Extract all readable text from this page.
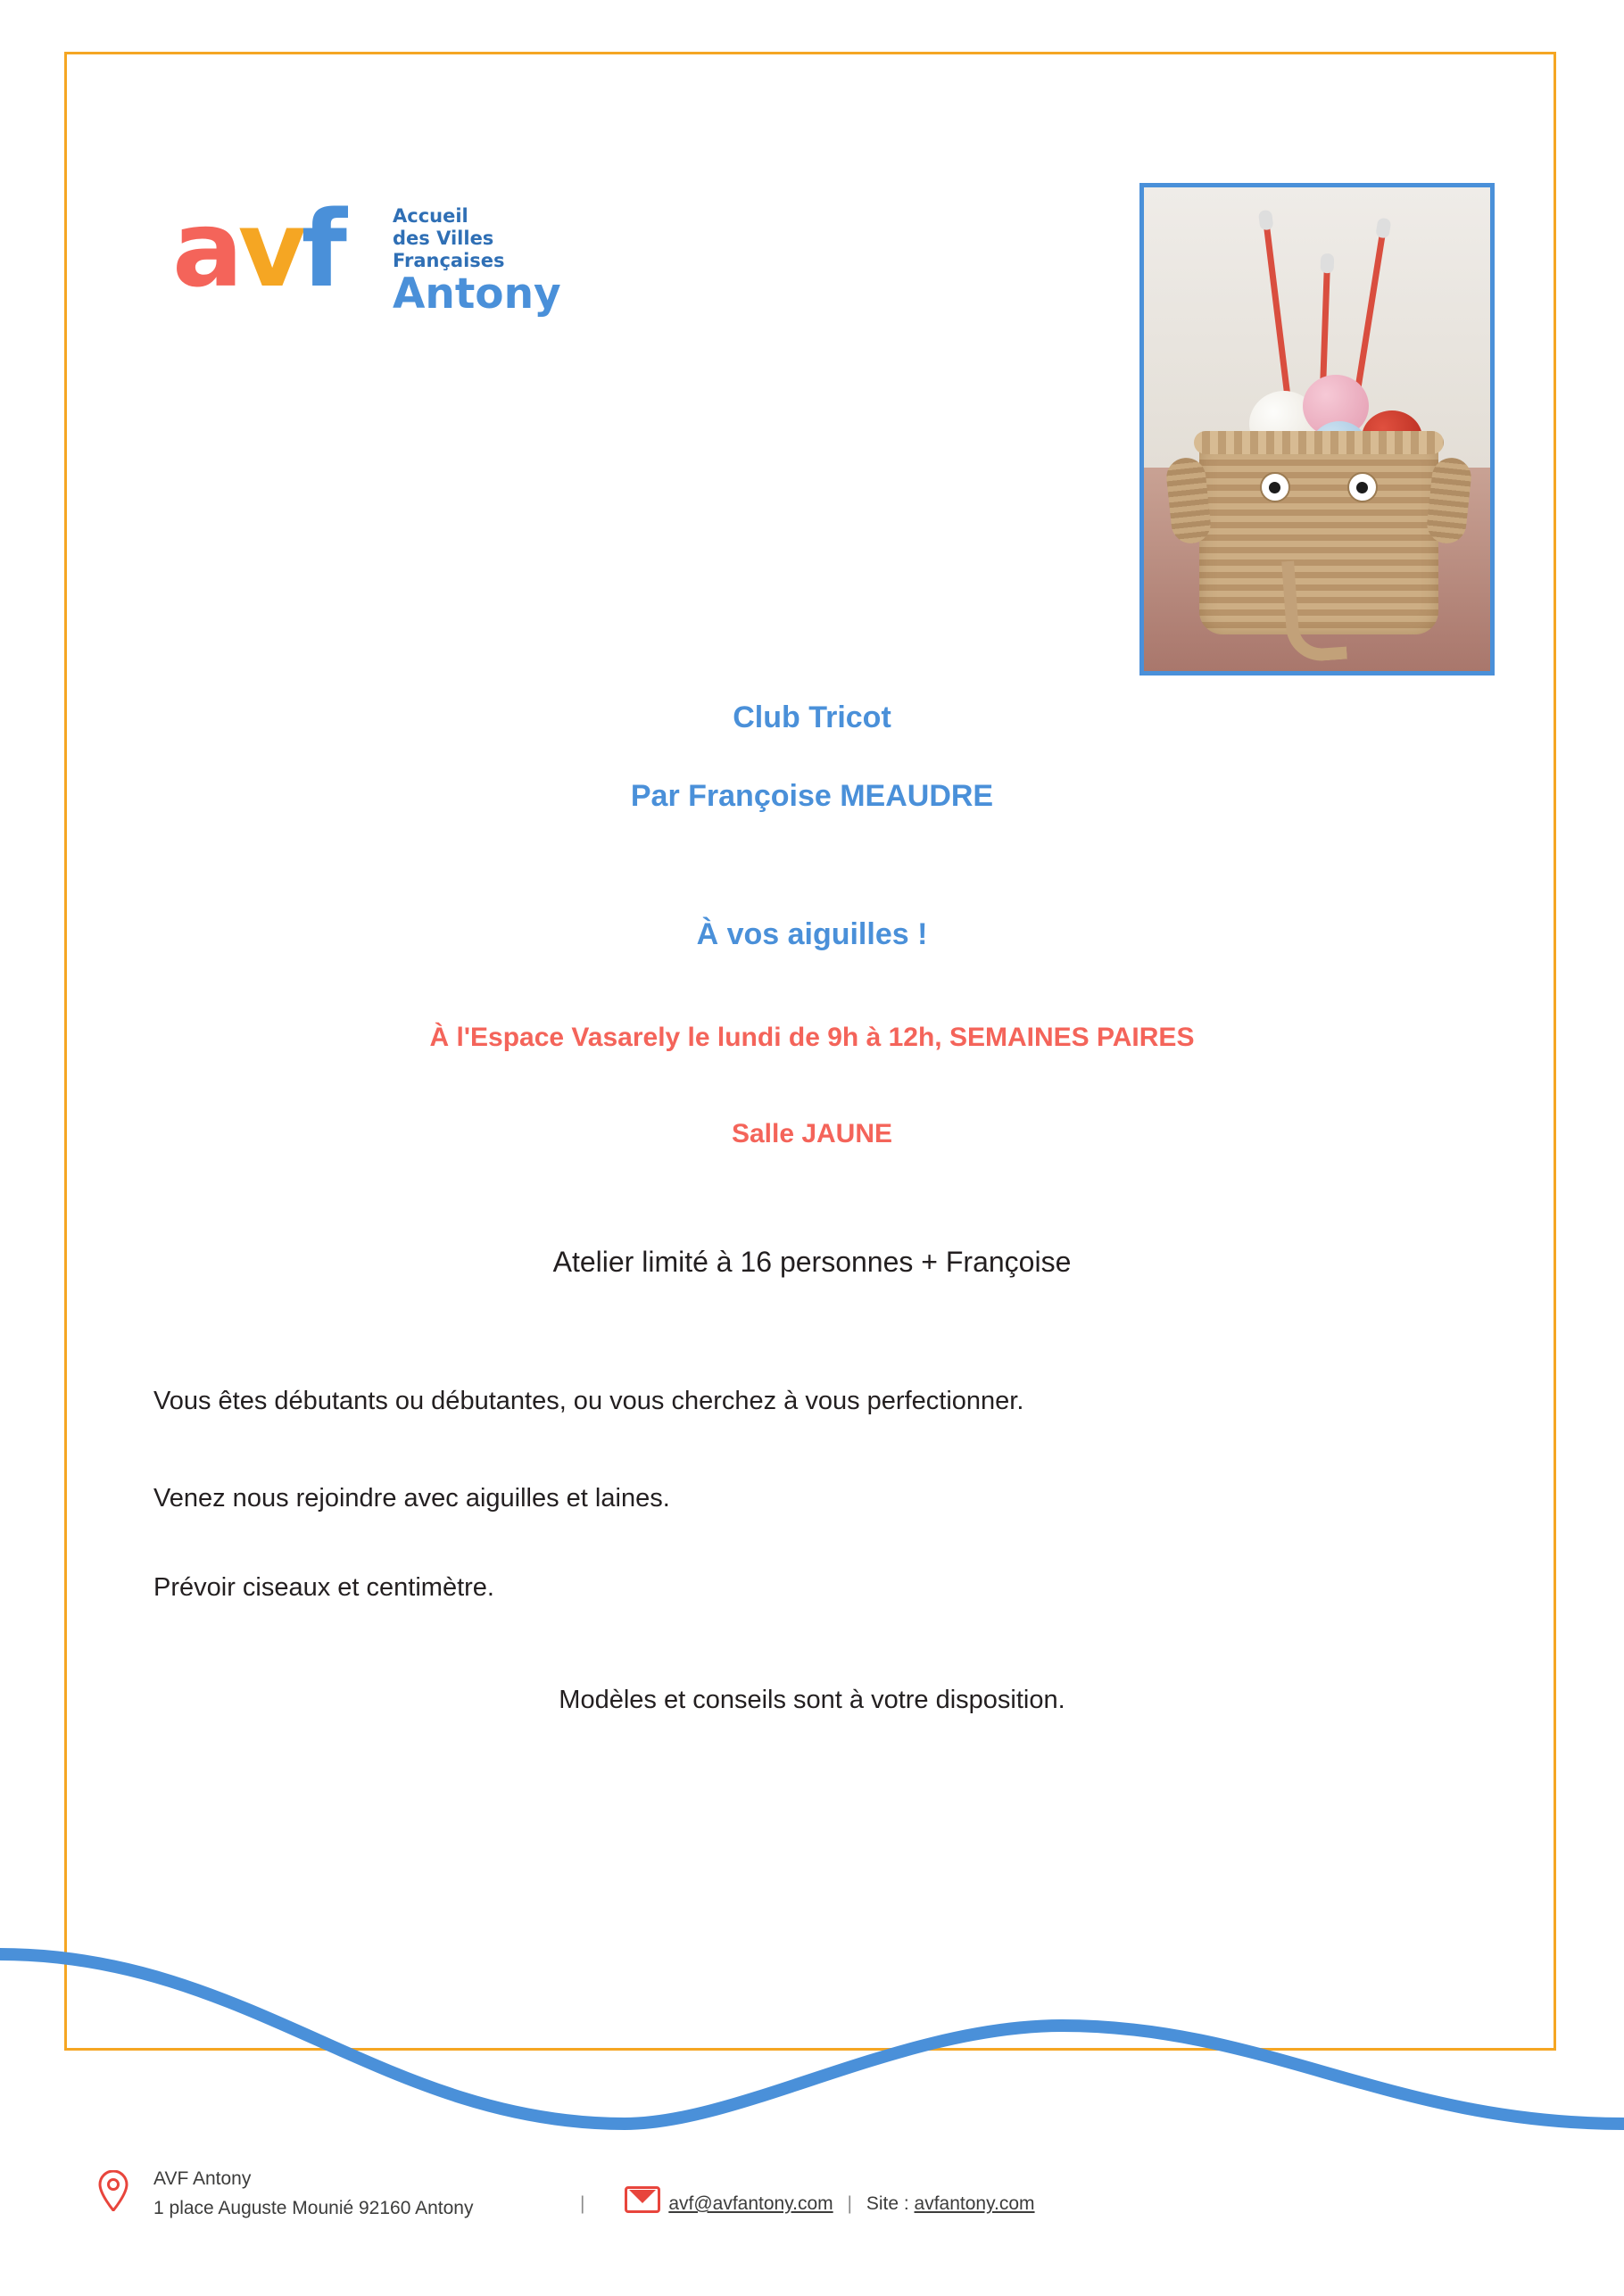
avf	Accueil
des Villes
Françaises
Antony
Club Tricot
Par Françoise MEAUDRE
À vos aiguilles !
À l'Espace Vasarely le lundi de 9h à 12h, SEMAINES PAIRES
Salle JAUNE
Atelier limité à 16 personnes + Françoise
Vous êtes débutants ou débutantes, ou vous cherchez à vous perfectionner.
Venez nous rejoindre avec aiguilles et laines.
Prévoir ciseaux et centimètre.
Modèles et conseils sont à votre disposition.
AVF Antony
1 place Auguste Mounié 92160 Antony	|	avf@avfantony.com | Site : avfantony.com
